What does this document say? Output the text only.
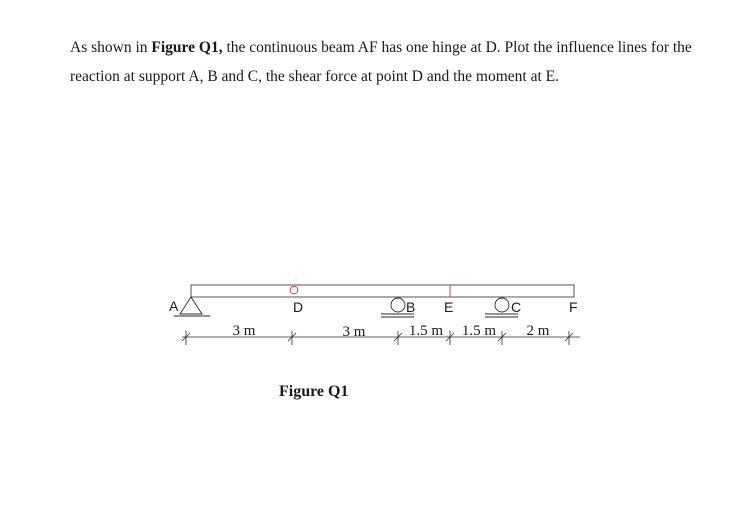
As shown in Figure Q1, the continuous beam AF has one hinge at D. Plot the influence lines for the reaction at support A, B and C, the shear force at point D and the moment at E.

A	D	B E	C	F
3 m	3 m	1.5 m 1.5 m 2 m
Figure Q1
